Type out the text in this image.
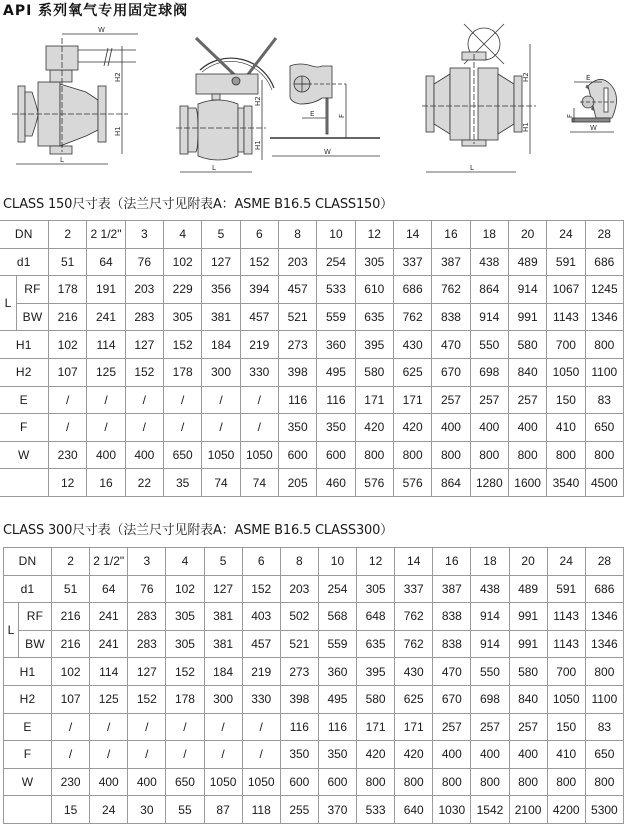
API 系列氧气专用固定球阀
W
H2
H1
L
L
H2
H1
F
E
W
H2
H1
L
E
F
W
CLASS 150尺寸表（法兰尺寸见附表A：ASME B16.5 CLASS150）
DN		2	2 1/2"	3	4	5	6	8	10	12	14	16	18	20	24	28
d1		51	64	76	102	127	152	203	254	305	337	387	438	489	591	686
L	RF	178	191	203	229	356	394	457	533	610	686	762	864	914	1067	1245
	BW	216	241	283	305	381	457	521	559	635	762	838	914	991	1143	1346
H1		102	114	127	152	184	219	273	360	395	430	470	550	580	700	800
H2		107	125	152	178	300	330	398	495	580	625	670	698	840	1050	1100
E		/	/	/	/	/	/	116	116	171	171	257	257	257	150	83
F		/	/	/	/	/	/	350	350	420	420	400	400	400	410	650
W		230	400	400	650	1050	1050	600	600	800	800	800	800	800	800	800
		12	16	22	35	74	74	205	460	576	576	864	1280	1600	3540	4500
CLASS 300尺寸表（法兰尺寸见附表A：ASME B16.5 CLASS300）
DN		2	2 1/2"	3	4	5	6	8	10	12	14	16	18	20	24	28
d1		51	64	76	102	127	152	203	254	305	337	387	438	489	591	686
L	RF	216	241	283	305	381	403	502	568	648	762	838	914	991	1143	1346
	BW	216	241	283	305	381	457	521	559	635	762	838	914	991	1143	1346
H1		102	114	127	152	184	219	273	360	395	430	470	550	580	700	800
H2		107	125	152	178	300	330	398	495	580	625	670	698	840	1050	1100
E		/	/	/	/	/	/	116	116	171	171	257	257	257	150	83
F		/	/	/	/	/	/	350	350	420	420	400	400	400	410	650
W		230	400	400	650	1050	1050	600	600	800	800	800	800	800	800	800
		15	24	30	55	87	118	255	370	533	640	1030	1542	2100	4200	5300
